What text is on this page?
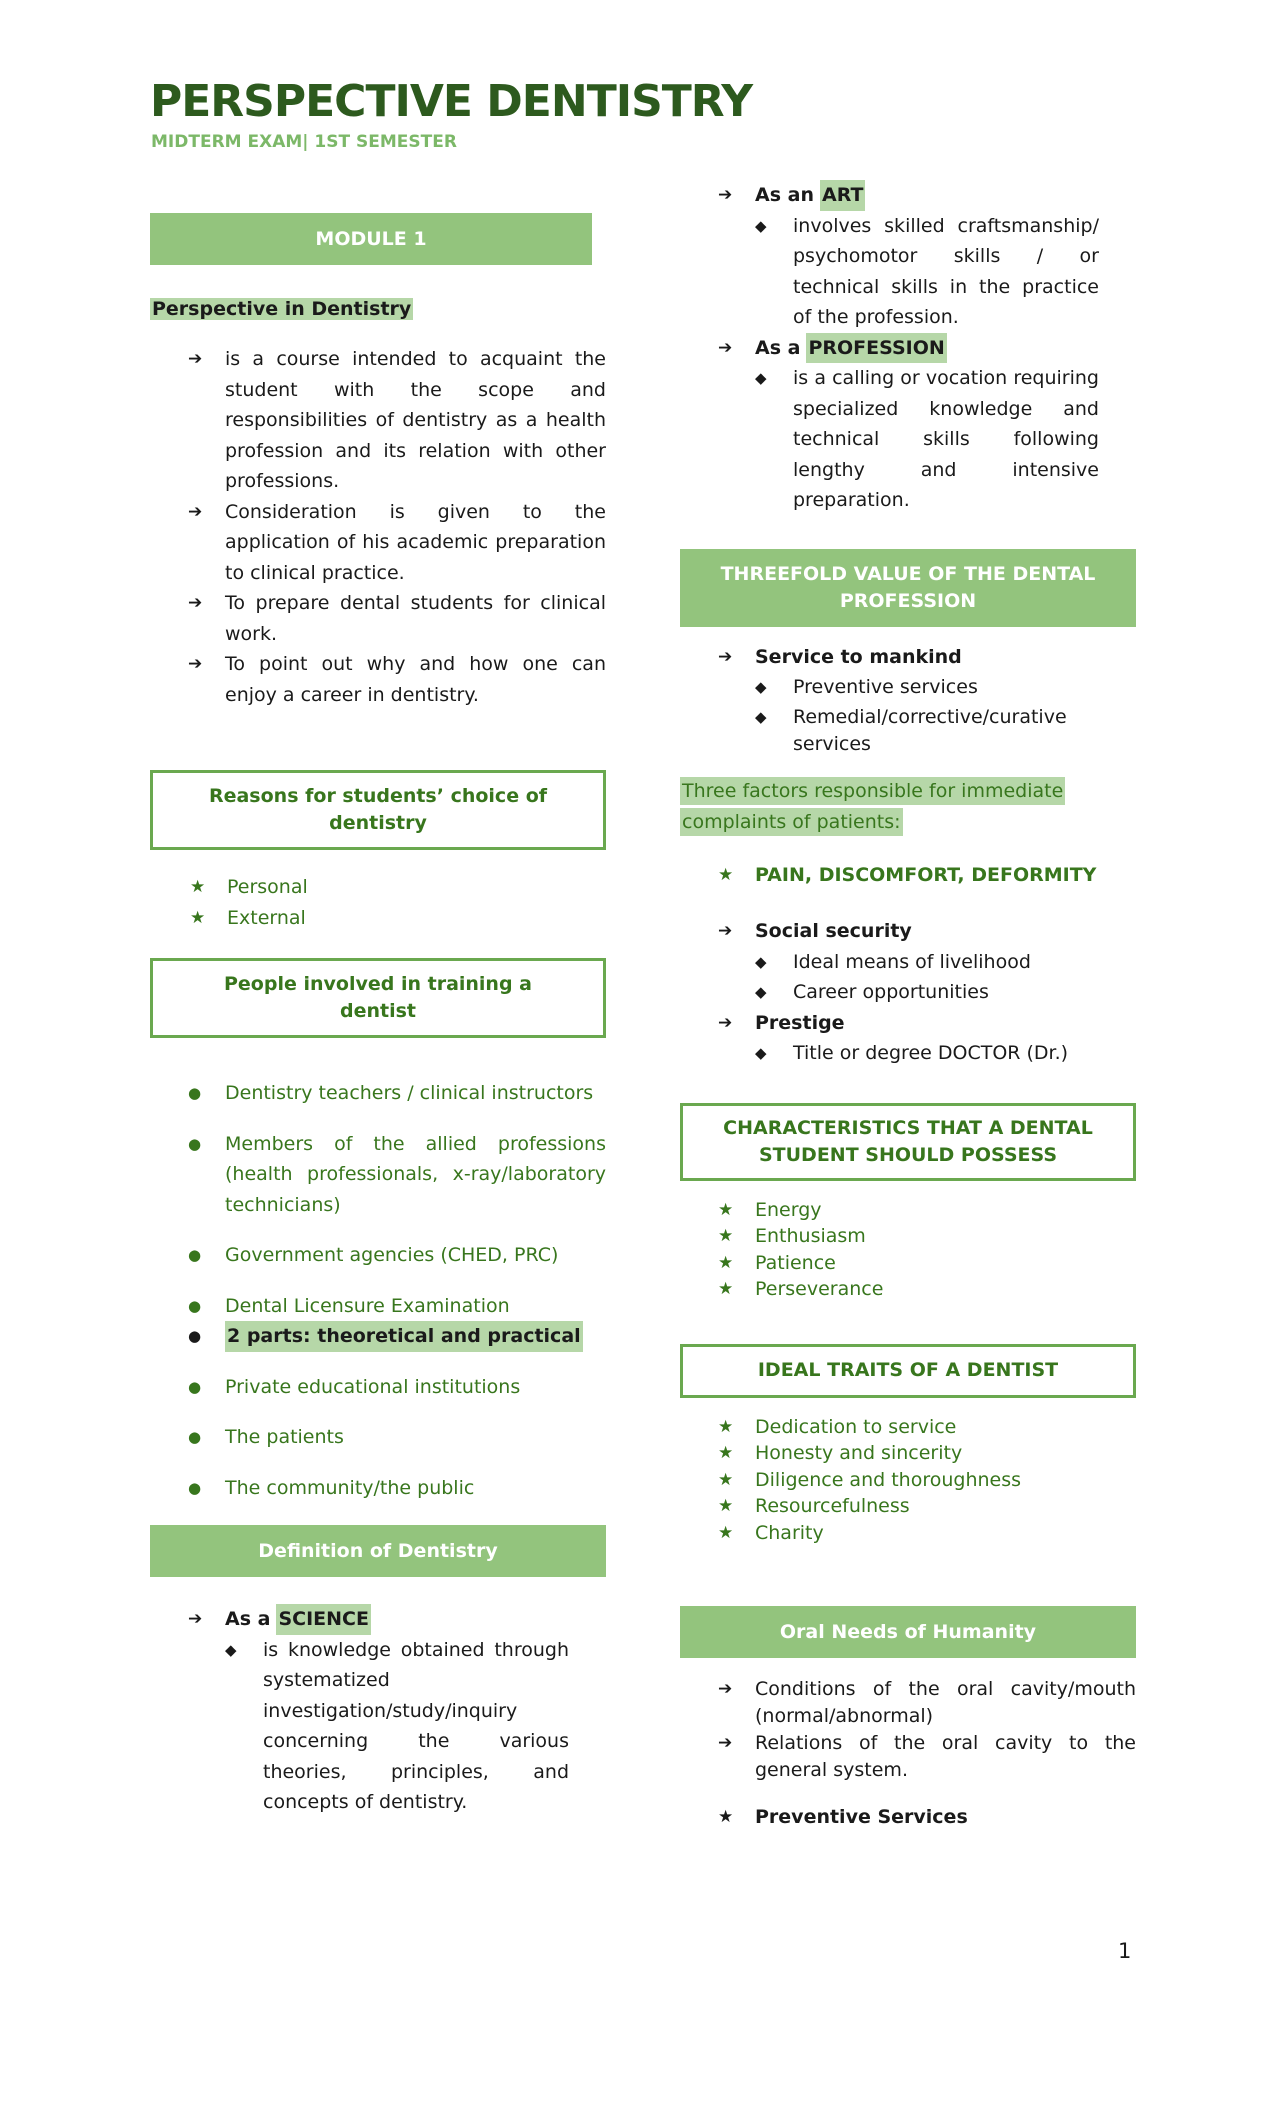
PERSPECTIVE DENTISTRY
MIDTERM EXAM| 1ST SEMESTER
MODULE 1
Perspective in Dentistry
➔	is a course intended to acquaint the student with the scope and responsibilities of dentistry as a health profession and its relation with other professions.
➔	Consideration is given to the application of his academic preparation to clinical practice.
➔	To prepare dental students for clinical work.
➔	To point out why and how one can enjoy a career in dentistry.
Reasons for students’ choice of dentistry
★	Personal
★	External
People involved in training a dentist
●	Dentistry teachers / clinical instructors
●	Members of the allied professions (health professionals, x-ray/laboratory technicians)
●	Government agencies (CHED, PRC)
●	Dental Licensure Examination
●	2 parts: theoretical and practical
●	Private educational institutions
●	The patients
●	The community/the public
Definition of Dentistry
➔	As a SCIENCE
◆	is knowledge obtained through systematized investigation/study/inquiry concerning the various theories, principles, and concepts of dentistry.
➔	As an ART
◆	involves skilled craftsmanship/ psychomotor skills / or technical skills in the practice of the profession.
➔	As a PROFESSION
◆	is a calling or vocation requiring specialized knowledge and technical skills following lengthy and intensive preparation.
THREEFOLD VALUE OF THE DENTAL PROFESSION
➔	Service to mankind
◆	Preventive services
◆	Remedial/corrective/curative services
Three factors responsible for immediate complaints of patients:
★	PAIN, DISCOMFORT, DEFORMITY
➔	Social security
◆	Ideal means of livelihood
◆	Career opportunities
➔	Prestige
◆	Title or degree DOCTOR (Dr.)
CHARACTERISTICS THAT A DENTAL STUDENT SHOULD POSSESS
★	Energy
★	Enthusiasm
★	Patience
★	Perseverance
IDEAL TRAITS OF A DENTIST
★	Dedication to service
★	Honesty and sincerity
★	Diligence and thoroughness
★	Resourcefulness
★	Charity
Oral Needs of Humanity
➔	Conditions of the oral cavity/mouth (normal/abnormal)
➔	Relations of the oral cavity to the general system.
★	Preventive Services
1
